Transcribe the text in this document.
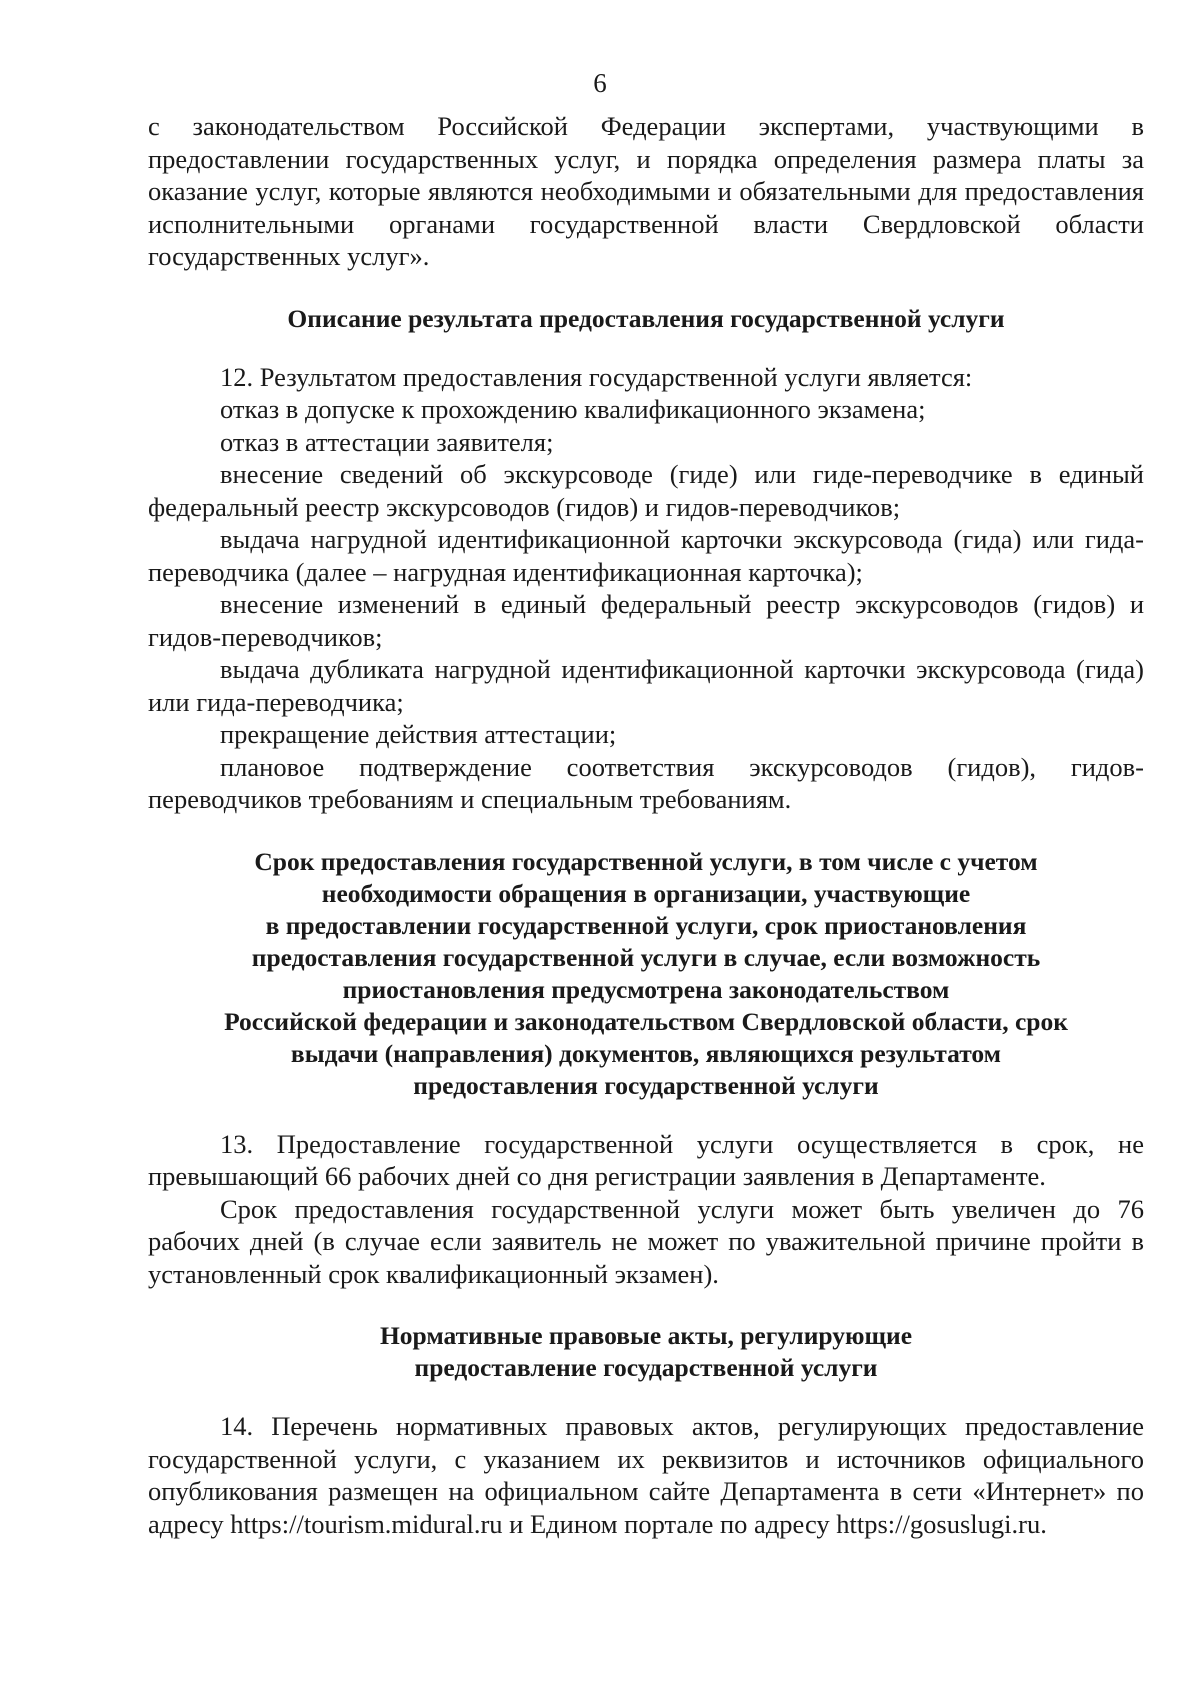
6

с законодательством Российской Федерации экспертами, участвующими в предоставлении государственных услуг, и порядка определения размера платы за оказание услуг, которые являются необходимыми и обязательными для предоставления исполнительными органами государственной власти Свердловской области государственных услуг».

Описание результата предоставления государственной услуги

12. Результатом предоставления государственной услуги является:

отказ в допуске к прохождению квалификационного экзамена;

отказ в аттестации заявителя;

внесение сведений об экскурсоводе (гиде) или гиде-переводчике в единый федеральный реестр экскурсоводов (гидов) и гидов-переводчиков;

выдача нагрудной идентификационной карточки экскурсовода (гида) или гида-переводчика (далее – нагрудная идентификационная карточка);

внесение изменений в единый федеральный реестр экскурсоводов (гидов) и гидов-переводчиков;

выдача дубликата нагрудной идентификационной карточки экскурсовода (гида) или гида-переводчика;

прекращение действия аттестации;

плановое подтверждение соответствия экскурсоводов (гидов), гидов-переводчиков требованиям и специальным требованиям.

Срок предоставления государственной услуги, в том числе с учетом

необходимости обращения в организации, участвующие

в предоставлении государственной услуги, срок приостановления

предоставления государственной услуги в случае, если возможность

приостановления предусмотрена законодательством

Российской федерации и законодательством Свердловской области, срок

выдачи (направления) документов, являющихся результатом

предоставления государственной услуги

13. Предоставление государственной услуги осуществляется в срок, не превышающий 66 рабочих дней со дня регистрации заявления в Департаменте.

Срок предоставления государственной услуги может быть увеличен до 76 рабочих дней (в случае если заявитель не может по уважительной причине пройти в установленный срок квалификационный экзамен).

Нормативные правовые акты, регулирующие

предоставление государственной услуги

14. Перечень нормативных правовых актов, регулирующих предоставление государственной услуги, с указанием их реквизитов и источников официального опубликования размещен на официальном сайте Департамента в сети «Интернет» по адресу https://tourism.midural.ru и Едином портале по адресу https://gosuslugi.ru.
